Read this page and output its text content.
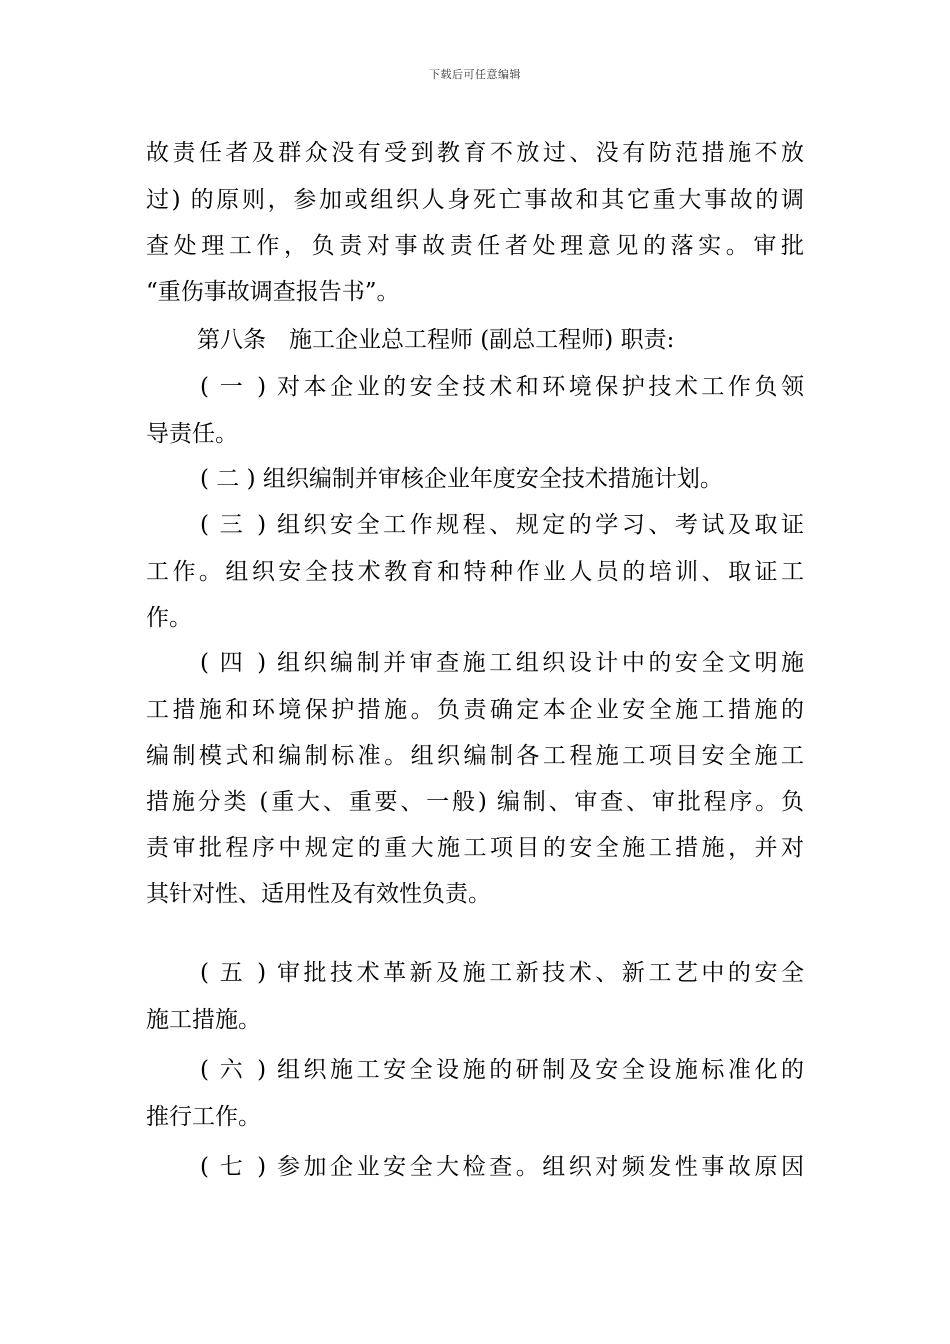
下载后可任意编辑
故责任者及群众没有受到教育不放过、没有防范措施不放
过) 的原则，参加或组织人身死亡事故和其它重大事故的调
查处理工作，负责对事故责任者处理意见的落实。审批
“重伤事故调查报告书”。
第八条　施工企业总工程师 (副总工程师) 职责:
( 一 ) 对本企业的安全技术和环境保护技术工作负领
导责任。
( 二 ) 组织编制并审核企业年度安全技术措施计划。
( 三 ) 组织安全工作规程、规定的学习、考试及取证
工作。组织安全技术教育和特种作业人员的培训、取证工
作。
( 四 ) 组织编制并审查施工组织设计中的安全文明施
工措施和环境保护措施。负责确定本企业安全施工措施的
编制模式和编制标准。组织编制各工程施工项目安全施工
措施分类 (重大、重要、一般) 编制、审查、审批程序。负
责审批程序中规定的重大施工项目的安全施工措施，并对
其针对性、适用性及有效性负责。
( 五 ) 审批技术革新及施工新技术、新工艺中的安全
施工措施。
( 六 ) 组织施工安全设施的研制及安全设施标准化的
推行工作。
( 七 ) 参加企业安全大检查。组织对频发性事故原因
